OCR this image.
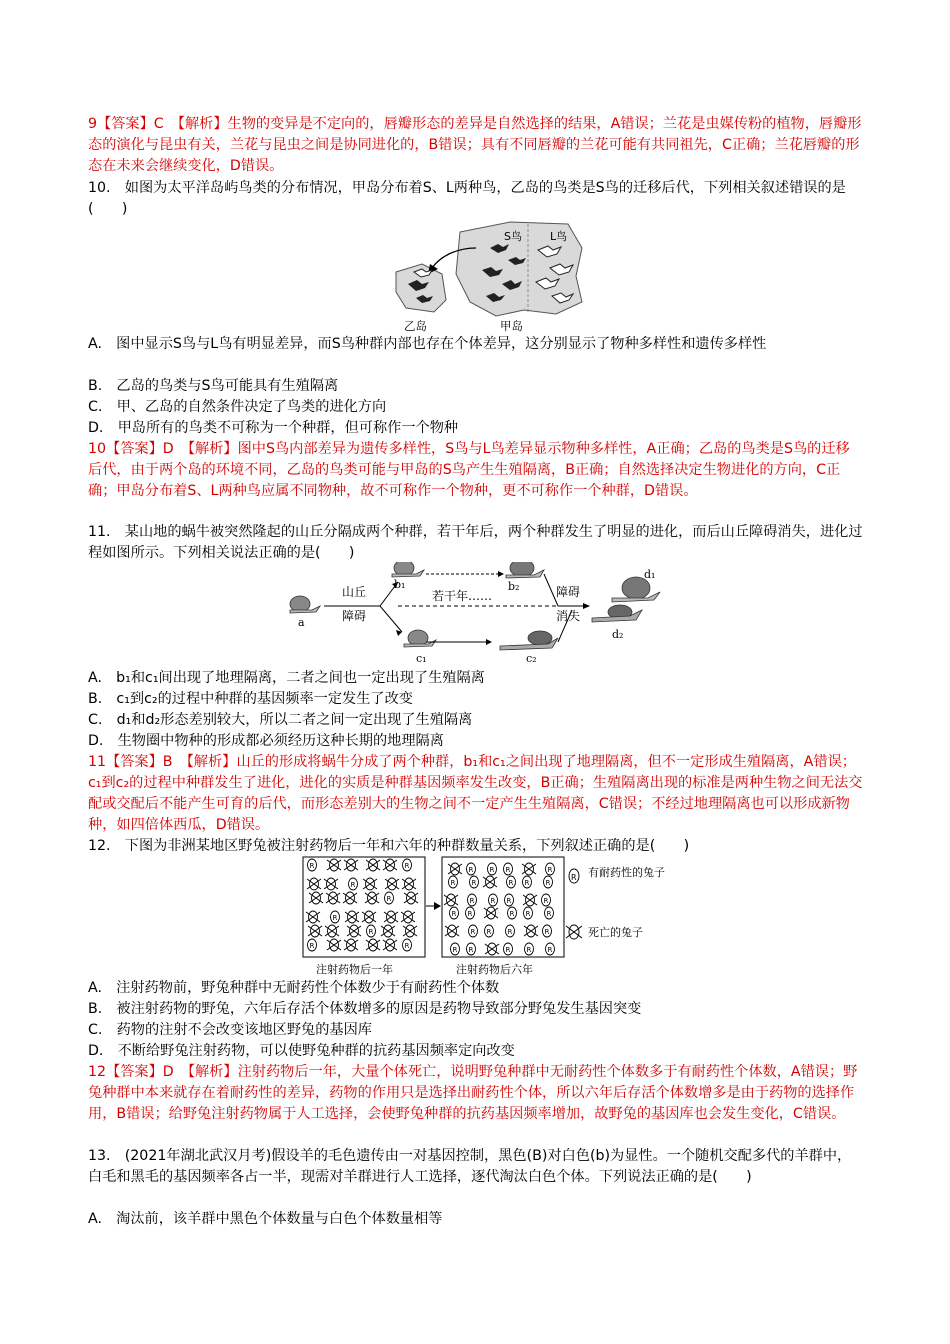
9【答案】C　【解析】生物的变异是不定向的，唇瓣形态的差异是自然选择的结果，A错误；兰花是虫媒传粉的植物，唇瓣形态的演化与昆虫有关，兰花与昆虫之间是协同进化的，B错误；具有不同唇瓣的兰花可能有共同祖先，C正确；兰花唇瓣的形态在未来会继续变化，D错误。
10.　如图为太平洋岛屿鸟类的分布情况，甲岛分布着S、L两种鸟，乙岛的鸟类是S鸟的迁移后代，下列相关叙述错误的是(　　)
S鸟	L鸟
乙岛	甲岛
A.　图中显示S鸟与L鸟有明显差异，而S鸟种群内部也存在个体差异，这分别显示了物种多样性和遗传多样性
B.　乙岛的鸟类与S鸟可能具有生殖隔离
C.　甲、乙岛的自然条件决定了鸟类的进化方向
D.　甲岛所有的鸟类不可称为一个种群，但可称作一个物种
10【答案】D　【解析】图中S鸟内部差异为遗传多样性，S鸟与L鸟差异显示物种多样性，A正确；乙岛的鸟类是S鸟的迁移后代，由于两个岛的环境不同，乙岛的鸟类可能与甲岛的S鸟产生生殖隔离，B正确；自然选择决定生物进化的方向，C正确；甲岛分布着S、L两种鸟应属不同物种，故不可称作一个物种，更不可称作一个种群，D错误。
11.　某山地的蜗牛被突然隆起的山丘分隔成两个种群，若干年后，两个种群发生了明显的进化，而后山丘障碍消失，进化过程如图所示。下列相关说法正确的是(　　)
a
b₁	b₂
c₁	c₂
d₁
d₂
山丘
障碍
若干年……	障碍
消失
A.　b₁和c₁间出现了地理隔离，二者之间也一定出现了生殖隔离
B.　c₁到c₂的过程中种群的基因频率一定发生了改变
C.　d₁和d₂形态差别较大，所以二者之间一定出现了生殖隔离
D.　生物圈中物种的形成都必须经历这种长期的地理隔离
11【答案】B　【解析】山丘的形成将蜗牛分成了两个种群，b₁和c₁之间出现了地理隔离，但不一定形成生殖隔离，A错误；c₁到c₂的过程中种群发生了进化，进化的实质是种群基因频率发生改变，B正确；生殖隔离出现的标准是两种生物之间无法交配或交配后不能产生可育的后代，而形态差别大的生物之间不一定产生生殖隔离，C错误；不经过地理隔离也可以形成新物种，如四倍体西瓜，D错误。
12.　下图为非洲某地区野兔被注射药物后一年和六年的种群数量关系，下列叙述正确的是(　　)
R	R
R
R
R
R
R	R
R R R	R
R R	R R R
R R R	R
R R	R R R
R R R	R
R R	R R R
R 有耐药性的兔子
死亡的兔子
注射药物后一年	注射药物后六年
A.　注射药物前，野兔种群中无耐药性个体数少于有耐药性个体数
B.　被注射药物的野兔，六年后存活个体数增多的原因是药物导致部分野兔发生基因突变
C.　药物的注射不会改变该地区野兔的基因库
D.　不断给野兔注射药物，可以使野兔种群的抗药基因频率定向改变
12【答案】D　【解析】注射药物后一年，大量个体死亡，说明野兔种群中无耐药性个体数多于有耐药性个体数，A错误；野兔种群中本来就存在着耐药性的差异，药物的作用只是选择出耐药性个体，所以六年后存活个体数增多是由于药物的选择作用，B错误；给野兔注射药物属于人工选择，会使野兔种群的抗药基因频率增加，故野兔的基因库也会发生变化，C错误。
13.　(2021年湖北武汉月考)假设羊的毛色遗传由一对基因控制，黑色(B)对白色(b)为显性。一个随机交配多代的羊群中，白毛和黑毛的基因频率各占一半，现需对羊群进行人工选择，逐代淘汰白色个体。下列说法正确的是(　　)
A.　淘汰前，该羊群中黑色个体数量与白色个体数量相等
